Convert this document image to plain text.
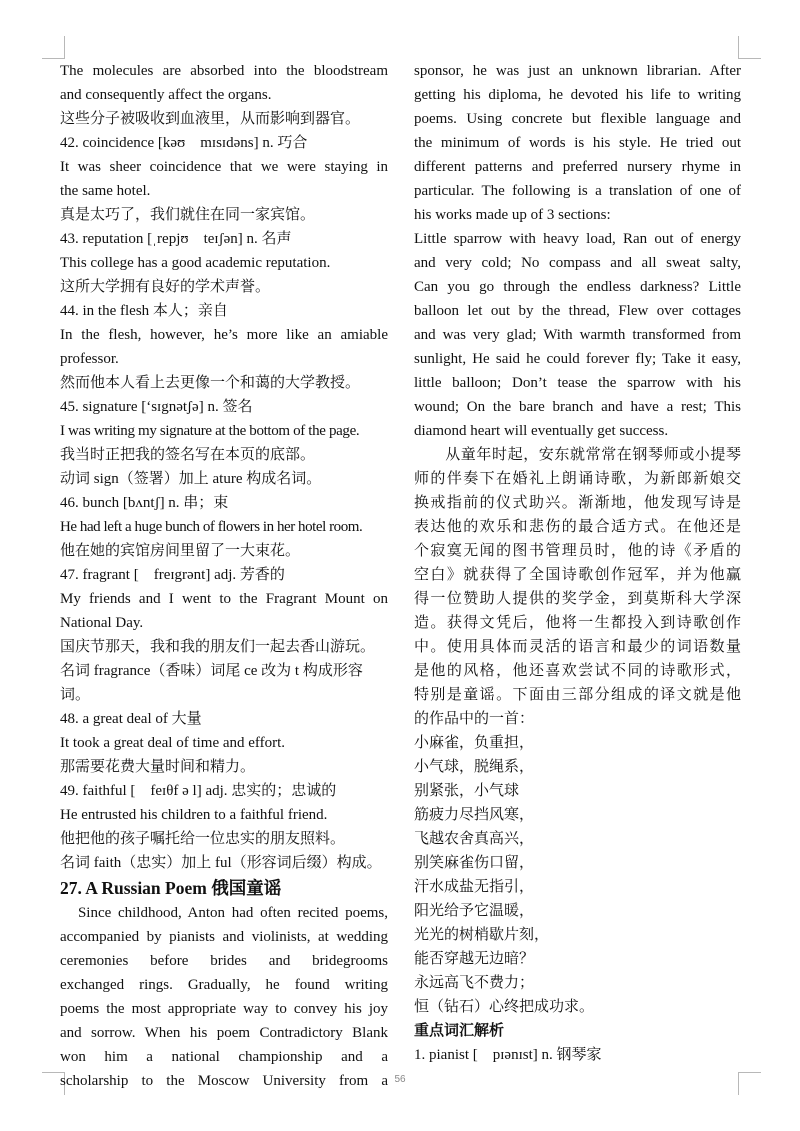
The molecules are absorbed into the bloodstream

and consequently affect the organs.

这些分子被吸收到血液里，从而影响到器官。

42. coincidence [kəʊ　mɪsɪdəns] n. 巧合

It was sheer coincidence that we were staying in

the same hotel.

真是太巧了，我们就住在同一家宾馆。

43. reputation [ˌrepjʊ　teɪʃən] n. 名声

This college has a good academic reputation.

这所大学拥有良好的学术声誉。

44. in the flesh 本人；亲自

In the flesh, however, he’s more like an amiable

professor.

然而他本人看上去更像一个和蔼的大学教授。

45. signature [‘sɪgnətʃə] n. 签名

I was writing my signature at the bottom of the page.

我当时正把我的签名写在本页的底部。

动词 sign（签署）加上 ature 构成名词。

46. bunch [bʌntʃ] n. 串；束

He had left a huge bunch of flowers in her hotel room.

他在她的宾馆房间里留了一大束花。

47. fragrant [　freɪgrənt] adj. 芳香的

My friends and I went to the Fragrant Mount on

National Day.

国庆节那天，我和我的朋友们一起去香山游玩。

名词 fragrance（香味）词尾 ce 改为 t 构成形容词。

48. a great deal of 大量

It took a great deal of time and effort.

那需要花费大量时间和精力。

49. faithful [　feɪθf ə l] adj. 忠实的；忠诚的

He entrusted his children to a faithful friend.

他把他的孩子嘱托给一位忠实的朋友照料。

名词 faith（忠实）加上 ful（形容词后缀）构成。

27. A Russian Poem 俄国童谣

　Since childhood, Anton had often recited poems,

accompanied by pianists and violinists, at wedding

ceremonies before brides and bridegrooms

exchanged rings. Gradually, he found writing

poems the most appropriate way to convey his joy

and sorrow. When his poem Contradictory Blank

won him a national championship and a

scholarship to the Moscow University from a

sponsor, he was just an unknown librarian. After

getting his diploma, he devoted his life to writing

poems. Using concrete but flexible language and

the minimum of words is his style. He tried out

different patterns and preferred nursery rhyme in

particular. The following is a translation of one of

his works made up of 3 sections:

Little sparrow with heavy load, Ran out of energy

and very cold; No compass and all sweat salty,

Can you go through the endless darkness? Little

balloon let out by the thread, Flew over cottages

and was very glad; With warmth transformed from

sunlight, He said he could forever fly; Take it easy,

little balloon; Don’t tease the sparrow with his

wound; On the bare branch and have a rest; This

diamond heart will eventually get success.

　　从童年时起，安东就常常在钢琴师或小提琴

师的伴奏下在婚礼上朗诵诗歌，为新郎新娘交

换戒指前的仪式助兴。渐渐地，他发现写诗是

表达他的欢乐和悲伤的最合适方式。在他还是

个寂寞无闻的图书管理员时，他的诗《矛盾的

空白》就获得了全国诗歌创作冠军，并为他赢

得一位赞助人提供的奖学金，到莫斯科大学深

造。获得文凭后，他将一生都投入到诗歌创作

中。使用具体而灵活的语言和最少的词语数量

是他的风格，他还喜欢尝试不同的诗歌形式，

特别是童谣。下面由三部分组成的译文就是他

的作品中的一首：

小麻雀，负重担，

小气球，脱绳系，

别紧张，小气球

筋疲力尽挡风寒，

飞越农舍真高兴，

别笑麻雀伤口留，

汗水成盐无指引，

阳光给予它温暖，

光光的树梢歇片刻，

能否穿越无边暗？

永远高飞不费力；

恒（钻石）心终把成功求。

重点词汇解析

1. pianist [　pɪənɪst] n. 钢琴家

56
